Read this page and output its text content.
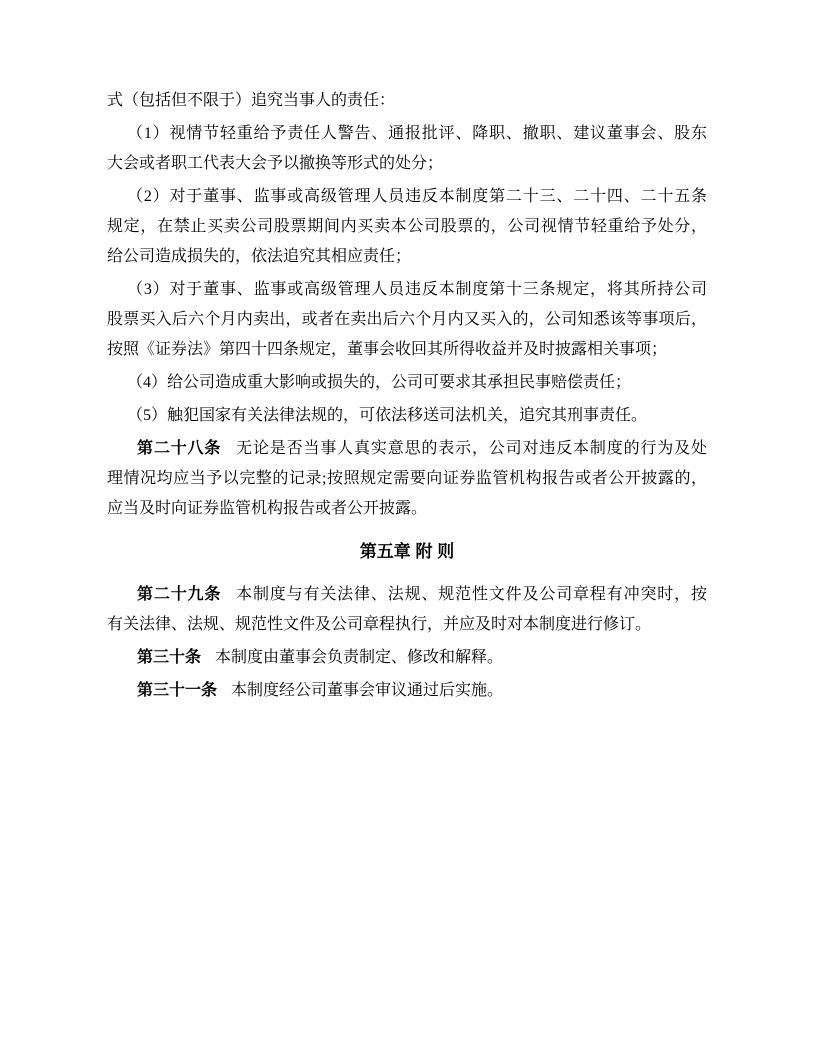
式（包括但不限于）追究当事人的责任：
（1）视情节轻重给予责任人警告、通报批评、降职、撤职、建议董事会、股东
大会或者职工代表大会予以撤换等形式的处分；
（2）对于董事、监事或高级管理人员违反本制度第二十三、二十四、二十五条
规定，在禁止买卖公司股票期间内买卖本公司股票的，公司视情节轻重给予处分，
给公司造成损失的，依法追究其相应责任；
（3）对于董事、监事或高级管理人员违反本制度第十三条规定，将其所持公司
股票买入后六个月内卖出，或者在卖出后六个月内又买入的，公司知悉该等事项后，
按照《证券法》第四十四条规定，董事会收回其所得收益并及时披露相关事项；
（4）给公司造成重大影响或损失的，公司可要求其承担民事赔偿责任；
（5）触犯国家有关法律法规的，可依法移送司法机关，追究其刑事责任。
第二十八条 无论是否当事人真实意思的表示，公司对违反本制度的行为及处
理情况均应当予以完整的记录;按照规定需要向证券监管机构报告或者公开披露的，
应当及时向证券监管机构报告或者公开披露。
第五章 附 则
第二十九条 本制度与有关法律、法规、规范性文件及公司章程有冲突时，按
有关法律、法规、规范性文件及公司章程执行，并应及时对本制度进行修订。
第三十条 本制度由董事会负责制定、修改和解释。
第三十一条 本制度经公司董事会审议通过后实施。
